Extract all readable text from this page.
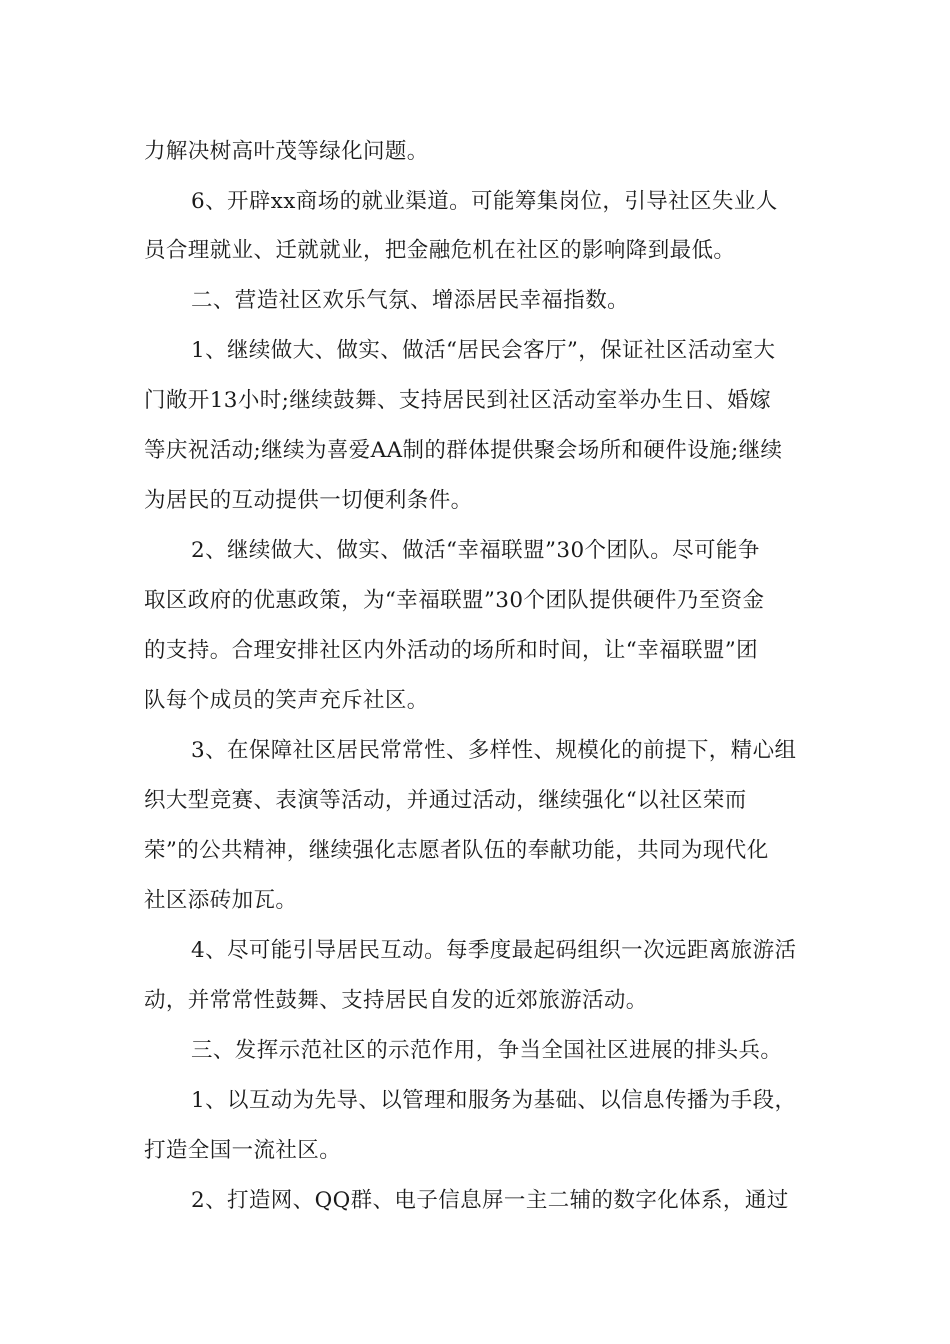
力解决树高叶茂等绿化问题。
6、开辟xx商场的就业渠道。可能筹集岗位，引导社区失业人
员合理就业、迁就就业，把金融危机在社区的影响降到最低。
二、营造社区欢乐气氛、增添居民幸福指数。
1、继续做大、做实、做活“居民会客厅”，保证社区活动室大
门敞开13小时;继续鼓舞、支持居民到社区活动室举办生日、婚嫁
等庆祝活动;继续为喜爱AA制的群体提供聚会场所和硬件设施;继续
为居民的互动提供一切便利条件。
2、继续做大、做实、做活“幸福联盟”30个团队。尽可能争
取区政府的优惠政策，为“幸福联盟”30个团队提供硬件乃至资金
的支持。合理安排社区内外活动的场所和时间，让“幸福联盟”团
队每个成员的笑声充斥社区。
3、在保障社区居民常常性、多样性、规模化的前提下，精心组
织大型竞赛、表演等活动，并通过活动，继续强化“以社区荣而
荣”的公共精神，继续强化志愿者队伍的奉献功能，共同为现代化
社区添砖加瓦。
4、尽可能引导居民互动。每季度最起码组织一次远距离旅游活
动，并常常性鼓舞、支持居民自发的近郊旅游活动。
三、发挥示范社区的示范作用，争当全国社区进展的排头兵。
1、以互动为先导、以管理和服务为基础、以信息传播为手段，
打造全国一流社区。
2、打造网、QQ群、电子信息屏一主二辅的数字化体系，通过
